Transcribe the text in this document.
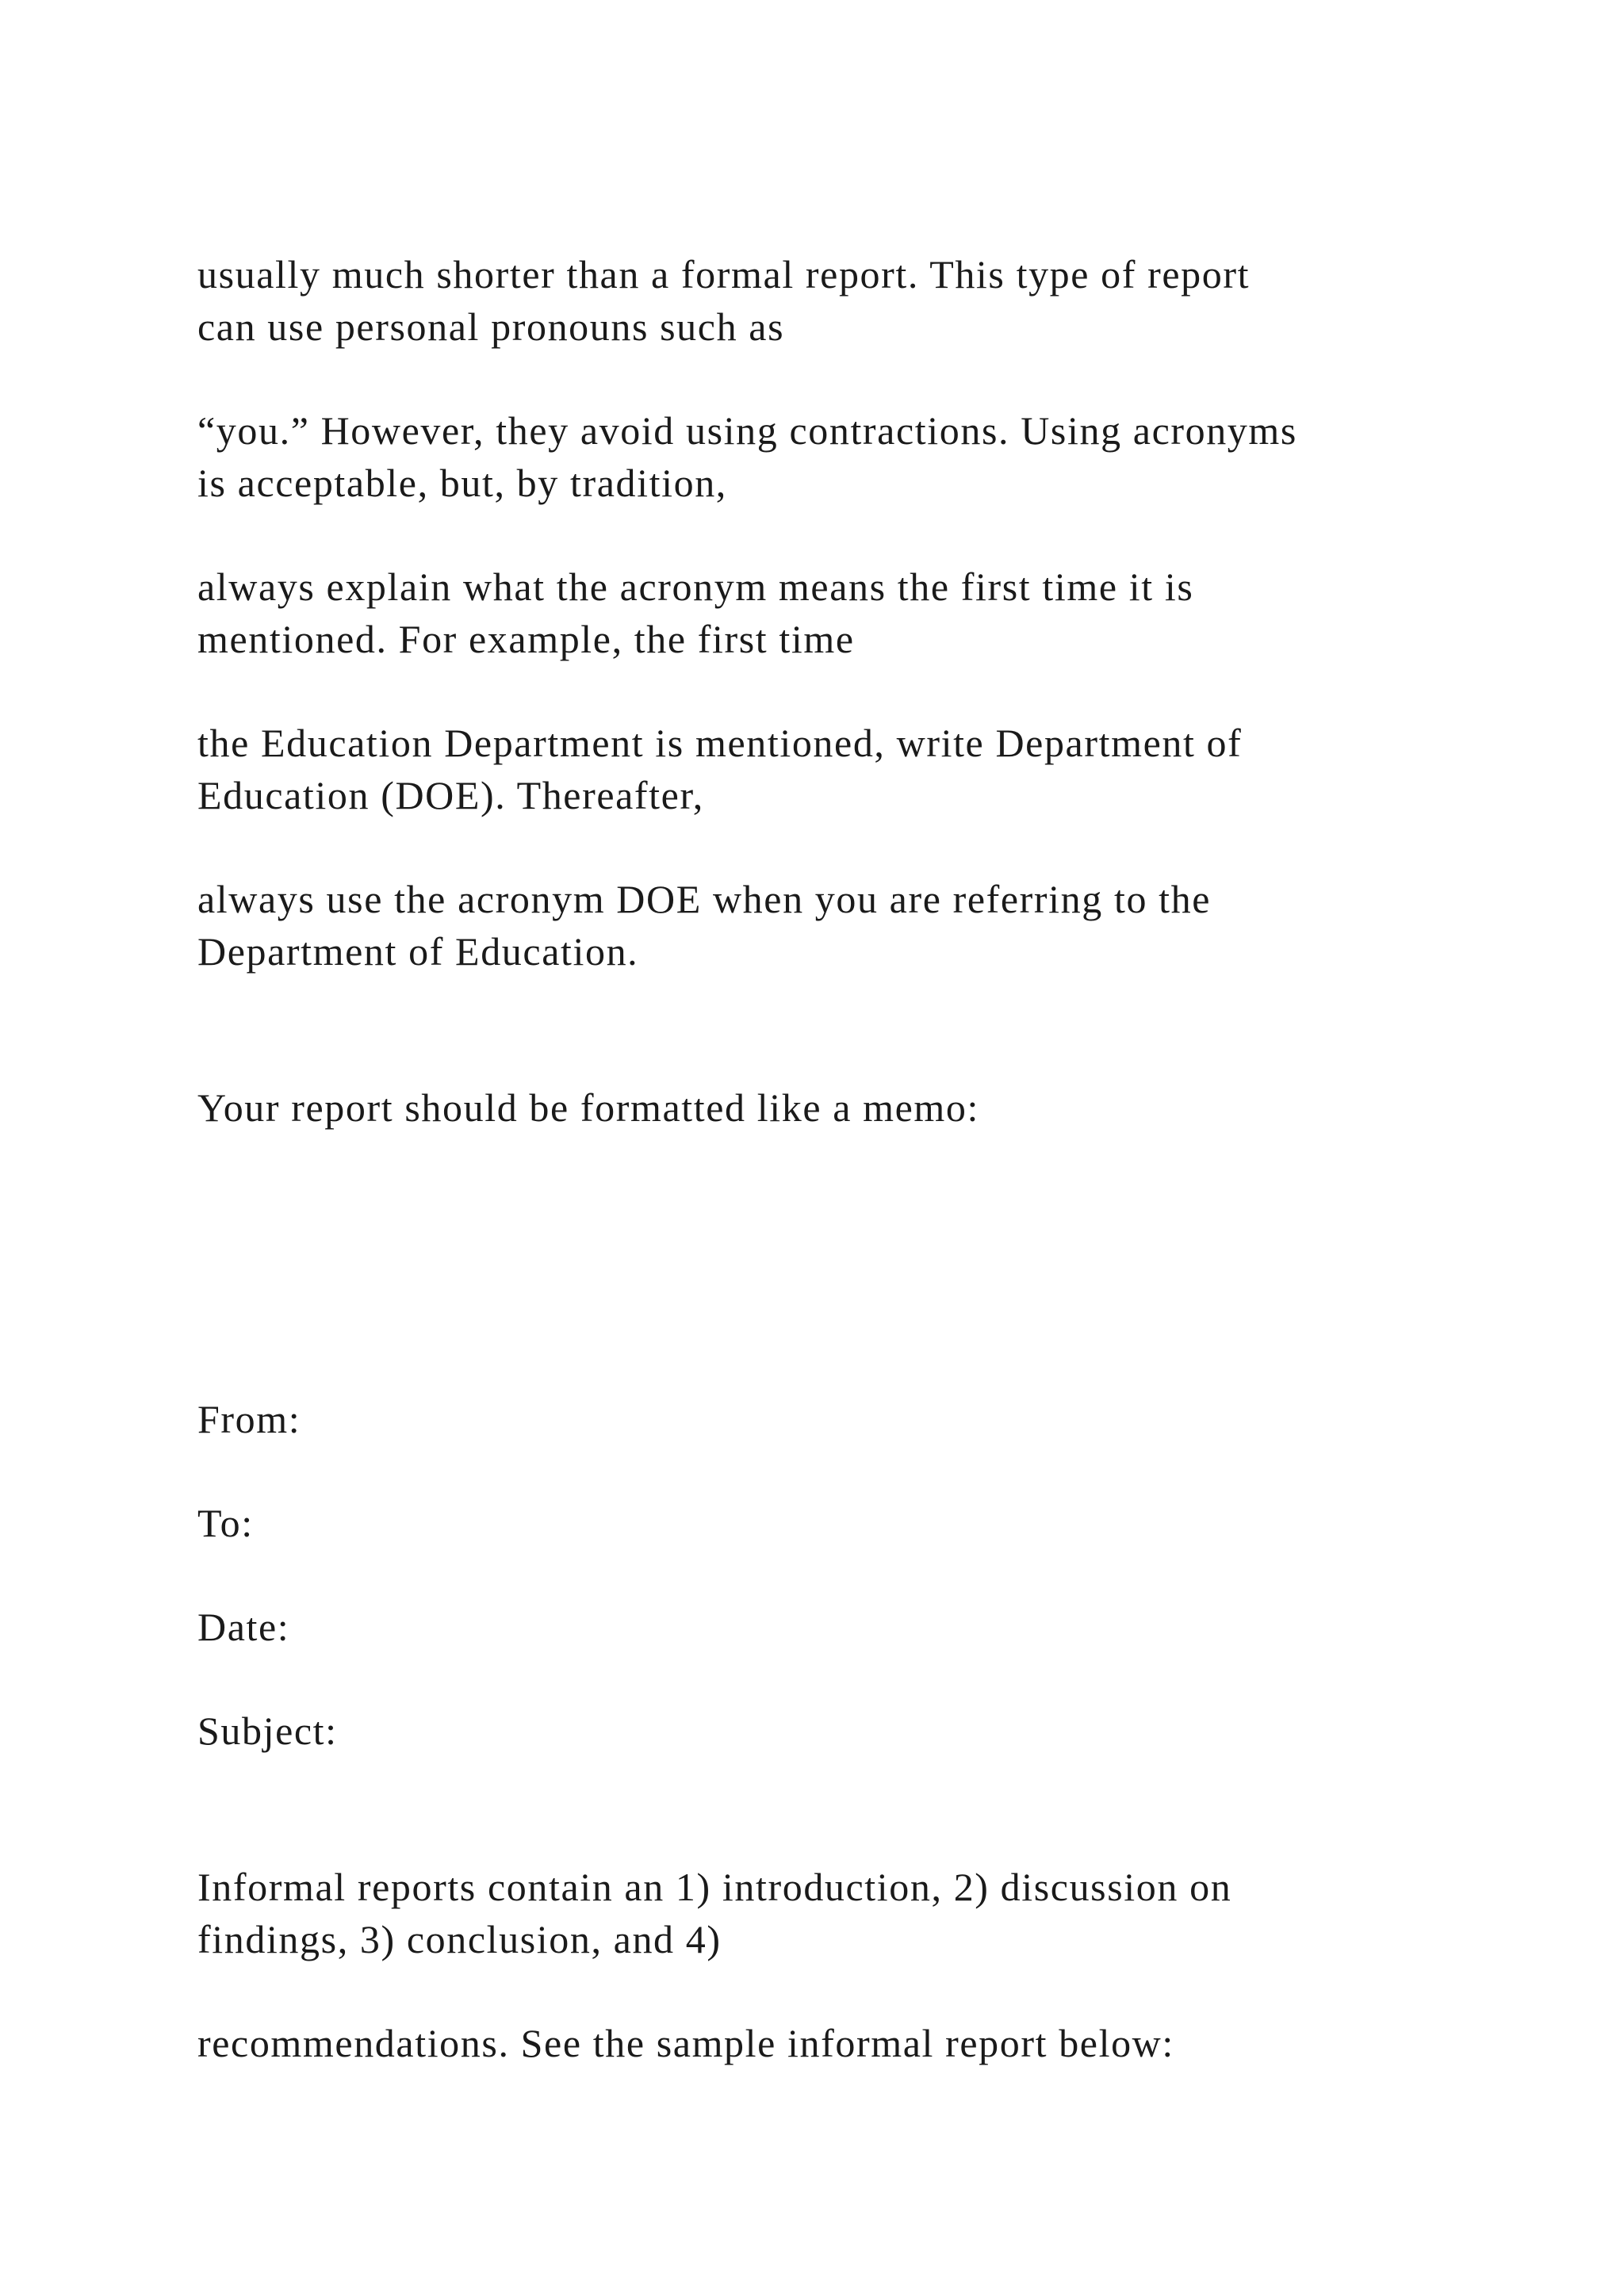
usually much shorter than a formal report. This type of report

can use personal pronouns such as

“you.” However, they avoid using contractions. Using acronyms

is acceptable, but, by tradition,

always explain what the acronym means the first time it is

mentioned. For example, the first time

the Education Department is mentioned, write Department of

Education (DOE). Thereafter,

always use the acronym DOE when you are referring to the

Department of Education.

Your report should be formatted like a memo:

From:

To:

Date:

Subject:

Informal reports contain an 1) introduction, 2) discussion on

findings, 3) conclusion, and 4)

recommendations. See the sample informal report below:
